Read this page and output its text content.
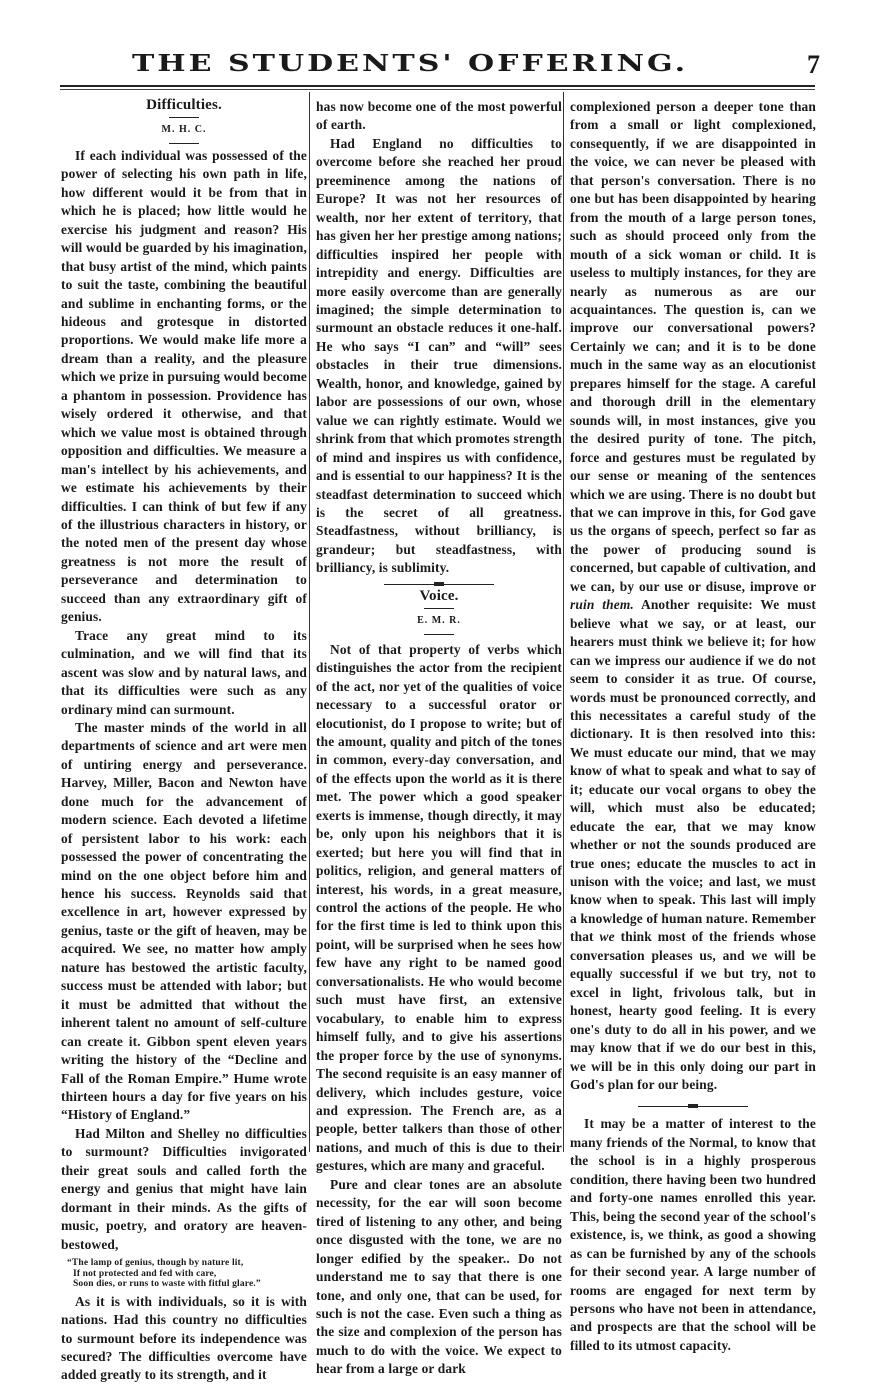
THE STUDENTS' OFFERING.	7
Difficulties.
M. H. C.

If each individual was possessed of the power of selecting his own path in life, how different would it be from that in which he is placed; how little would he exercise his judgment and reason? His will would be guarded by his imagination, that busy artist of the mind, which paints to suit the taste, combining the beautiful and sublime in enchanting forms, or the hideous and grotesque in distorted proportions. We would make life more a dream than a reality, and the pleasure which we prize in pursuing would become a phantom in possession. Providence has wisely ordered it otherwise, and that which we value most is obtained through opposition and difficulties. We measure a man's intellect by his achievements, and we estimate his achievements by their difficulties. I can think of but few if any of the illustrious characters in history, or the noted men of the present day whose greatness is not more the result of perseverance and determination to succeed than any extraordinary gift of genius.

Trace any great mind to its culmination, and we will find that its ascent was slow and by natural laws, and that its difficulties were such as any ordinary mind can surmount.

The master minds of the world in all departments of science and art were men of untiring energy and perseverance. Harvey, Miller, Bacon and Newton have done much for the advancement of modern science. Each devoted a lifetime of persistent labor to his work: each possessed the power of concentrating the mind on the one object before him and hence his success. Reynolds said that excellence in art, however expressed by genius, taste or the gift of heaven, may be acquired. We see, no matter how amply nature has bestowed the artistic faculty, success must be attended with labor; but it must be admitted that without the inherent talent no amount of self-culture can create it. Gibbon spent eleven years writing the history of the “Decline and Fall of the Roman Empire.” Hume wrote thirteen hours a day for five years on his “History of England.”

Had Milton and Shelley no difficulties to surmount? Difficulties invigorated their great souls and called forth the energy and genius that might have lain dormant in their minds. As the gifts of music, poetry, and oratory are heaven-bestowed,

“The lamp of genius, though by nature lit,
If not protected and fed with care,
Soon dies, or runs to waste with fitful glare.”

As it is with individuals, so it is with nations. Had this country no difficulties to surmount before its independence was secured? The difficulties overcome have added greatly to its strength, and it

has now become one of the most powerful of earth.

Had England no difficulties to overcome before she reached her proud preeminence among the nations of Europe? It was not her resources of wealth, nor her extent of territory, that has given her her prestige among nations; difficulties inspired her people with intrepidity and energy. Difficulties are more easily overcome than are generally imagined; the simple determination to surmount an obstacle reduces it one-half. He who says “I can” and “will” sees obstacles in their true dimensions. Wealth, honor, and knowledge, gained by labor are possessions of our own, whose value we can rightly estimate. Would we shrink from that which promotes strength of mind and inspires us with confidence, and is essential to our happiness? It is the steadfast determination to succeed which is the secret of all greatness. Steadfastness, without brilliancy, is grandeur; but steadfastness, with brilliancy, is sublimity.

Voice.
E. M. R.

Not of that property of verbs which distinguishes the actor from the recipient of the act, nor yet of the qualities of voice necessary to a successful orator or elocutionist, do I propose to write; but of the amount, quality and pitch of the tones in common, every-day conversation, and of the effects upon the world as it is there met. The power which a good speaker exerts is immense, though directly, it may be, only upon his neighbors that it is exerted; but here you will find that in politics, religion, and general matters of interest, his words, in a great measure, control the actions of the people. He who for the first time is led to think upon this point, will be surprised when he sees how few have any right to be named good conversationalists. He who would become such must have first, an extensive vocabulary, to enable him to express himself fully, and to give his assertions the proper force by the use of synonyms. The second requisite is an easy manner of delivery, which includes gesture, voice and expression. The French are, as a people, better talkers than those of other nations, and much of this is due to their gestures, which are many and graceful.

Pure and clear tones are an absolute necessity, for the ear will soon become tired of listening to any other, and being once disgusted with the tone, we are no longer edified by the speaker.. Do not understand me to say that there is one tone, and only one, that can be used, for such is not the case. Even such a thing as the size and complexion of the person has much to do with the voice. We expect to hear from a large or dark

complexioned person a deeper tone than from a small or light complexioned, consequently, if we are disappointed in the voice, we can never be pleased with that person's conversation. There is no one but has been disappointed by hearing from the mouth of a large person tones, such as should proceed only from the mouth of a sick woman or child. It is useless to multiply instances, for they are nearly as numerous as are our acquaintances. The question is, can we improve our conversational powers? Certainly we can; and it is to be done much in the same way as an elocutionist prepares himself for the stage. A careful and thorough drill in the elementary sounds will, in most instances, give you the desired purity of tone. The pitch, force and gestures must be regulated by our sense or meaning of the sentences which we are using. There is no doubt but that we can improve in this, for God gave us the organs of speech, perfect so far as the power of producing sound is concerned, but capable of cultivation, and we can, by our use or disuse, improve or ruin them. Another requisite: We must believe what we say, or at least, our hearers must think we believe it; for how can we impress our audience if we do not seem to consider it as true. Of course, words must be pronounced correctly, and this necessitates a careful study of the dictionary. It is then resolved into this: We must educate our mind, that we may know of what to speak and what to say of it; educate our vocal organs to obey the will, which must also be educated; educate the ear, that we may know whether or not the sounds produced are true ones; educate the muscles to act in unison with the voice; and last, we must know when to speak. This last will imply a knowledge of human nature. Remember that we think most of the friends whose conversation pleases us, and we will be equally successful if we but try, not to excel in light, frivolous talk, but in honest, hearty good feeling. It is every one's duty to do all in his power, and we may know that if we do our best in this, we will be in this only doing our part in God's plan for our being.

It may be a matter of interest to the many friends of the Normal, to know that the school is in a highly prosperous condition, there having been two hundred and forty-one names enrolled this year. This, being the second year of the school's existence, is, we think, as good a showing as can be furnished by any of the schools for their second year. A large number of rooms are engaged for next term by persons who have not been in attendance, and prospects are that the school will be filled to its utmost capacity.
